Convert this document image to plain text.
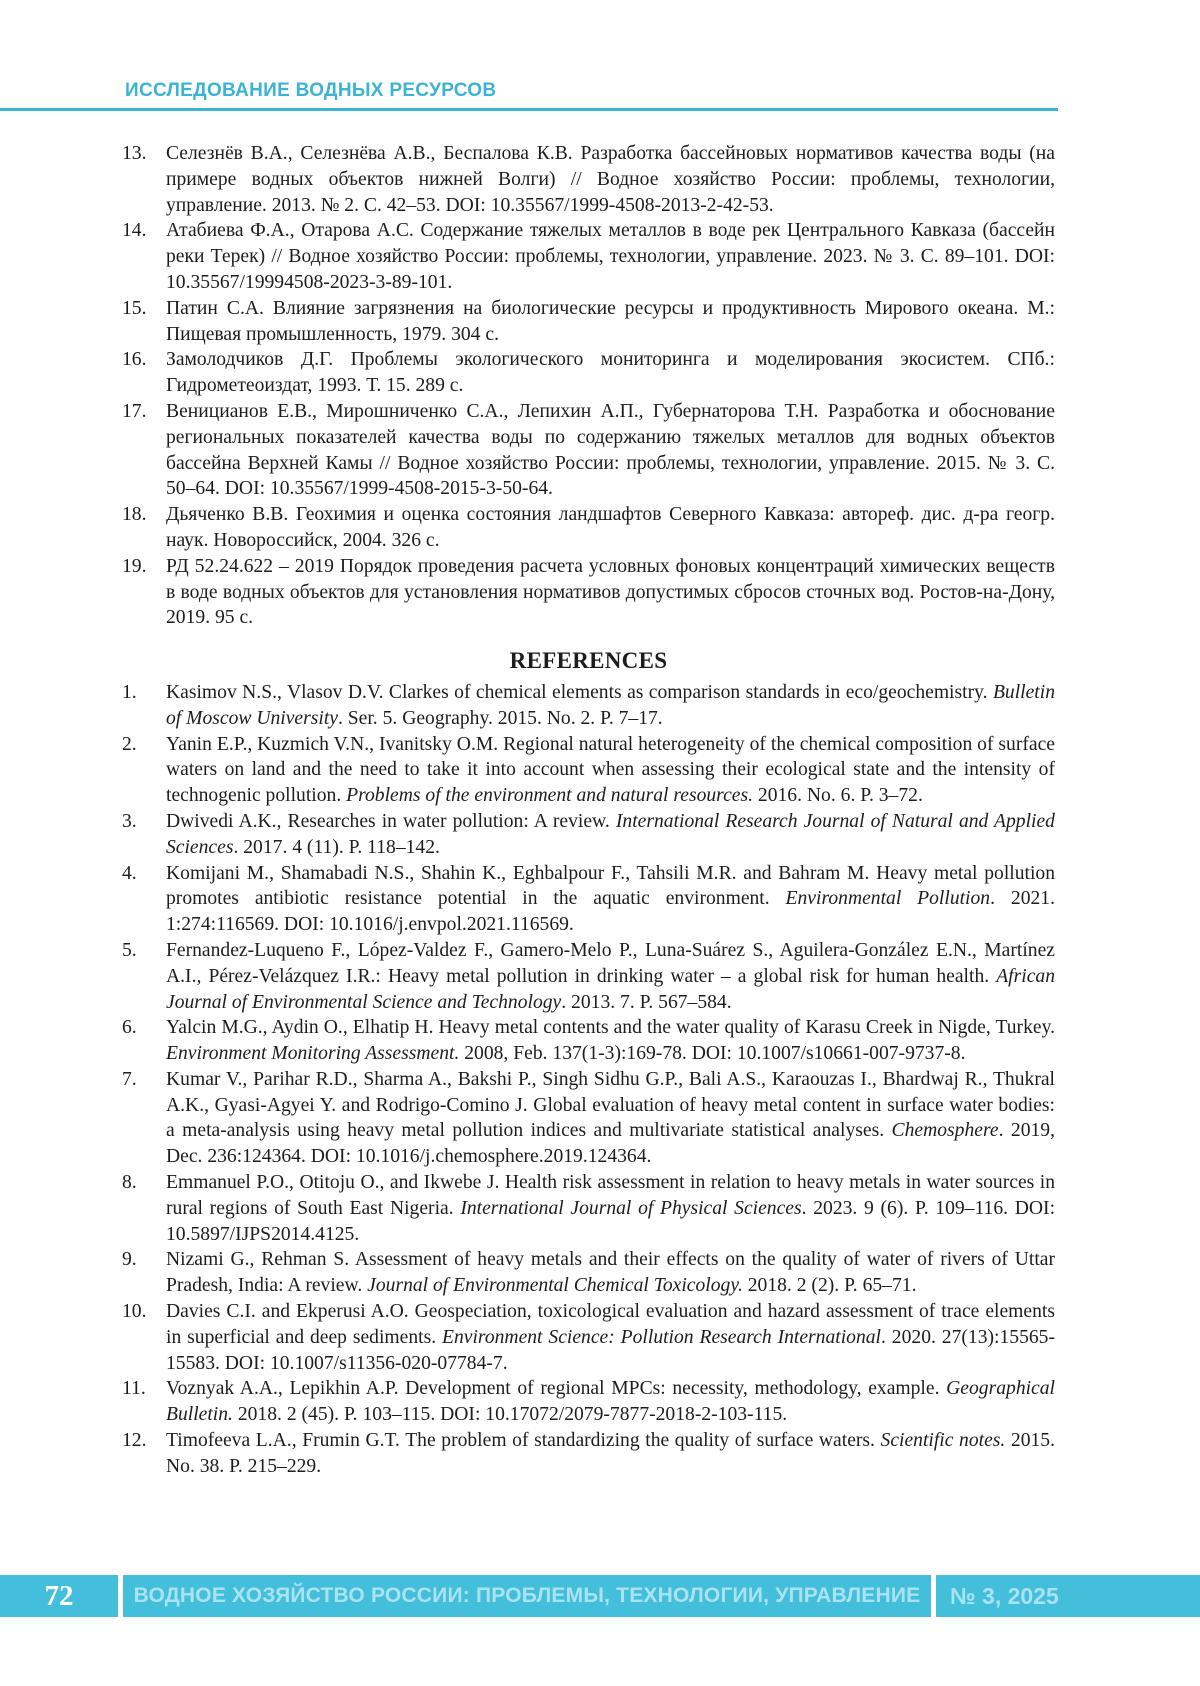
ИССЛЕДОВАНИЕ ВОДНЫХ РЕСУРСОВ
13. Селезнёв В.А., Селезнёва А.В., Беспалова К.В. Разработка бассейновых нормативов качества воды (на примере водных объектов нижней Волги) // Водное хозяйство России: проблемы, технологии, управление. 2013. № 2. С. 42–53. DOI: 10.35567/1999-4508-2013-2-42-53.
14. Атабиева Ф.А., Отарова А.С. Содержание тяжелых металлов в воде рек Центрального Кавказа (бассейн реки Терек) // Водное хозяйство России: проблемы, технологии, управление. 2023. № 3. С. 89–101. DOI: 10.35567/19994508-2023-3-89-101.
15. Патин С.А. Влияние загрязнения на биологические ресурсы и продуктивность Мирового океана. М.: Пищевая промышленность, 1979. 304 с.
16. Замолодчиков Д.Г. Проблемы экологического мониторинга и моделирования экосистем. СПб.: Гидрометеоиздат, 1993. Т. 15. 289 с.
17. Веницианов Е.В., Мирошниченко С.А., Лепихин А.П., Губернаторова Т.Н. Разработка и обоснование региональных показателей качества воды по содержанию тяжелых металлов для водных объектов бассейна Верхней Камы // Водное хозяйство России: проблемы, технологии, управление. 2015. № 3. С. 50–64. DOI: 10.35567/1999-4508-2015-3-50-64.
18. Дьяченко В.В. Геохимия и оценка состояния ландшафтов Северного Кавказа: автореф. дис. д-ра геогр. наук. Новороссийск, 2004. 326 с.
19. РД 52.24.622 – 2019 Порядок проведения расчета условных фоновых концентраций химических веществ в воде водных объектов для установления нормативов допустимых сбросов сточных вод. Ростов-на-Дону, 2019. 95 с.
REFERENCES
1.	Kasimov N.S., Vlasov D.V. Clarkes of chemical elements as comparison standards in eco/geochemistry. Bulletin of Moscow University. Ser. 5. Geography. 2015. No. 2. P. 7–17.
2.	Yanin E.P., Kuzmich V.N., Ivanitsky O.M. Regional natural heterogeneity of the chemical composition of surface waters on land and the need to take it into account when assessing their ecological state and the intensity of technogenic pollution. Problems of the environment and natural resources. 2016. No. 6. P. 3–72.
3.	Dwivedi A.K., Researches in water pollution: A review. International Research Journal of Natural and Applied Sciences. 2017. 4 (11). P. 118–142.
4.	Komijani M., Shamabadi N.S., Shahin K., Eghbalpour F., Tahsili M.R. and Bahram M. Heavy metal pollution promotes antibiotic resistance potential in the aquatic environment. Environmental Pollution. 2021. 1:274:116569. DOI: 10.1016/j.envpol.2021.116569.
5.	Fernandez-Luqueno F., López-Valdez F., Gamero-Melo P., Luna-Suárez S., Aguilera-González E.N., Martínez A.I., Pérez-Velázquez I.R.: Heavy metal pollution in drinking water – a global risk for human health. African Journal of Environmental Science and Technology. 2013. 7. P. 567–584.
6.	Yalcin M.G., Aydin O., Elhatip H. Heavy metal contents and the water quality of Karasu Creek in Nigde, Turkey. Environment Monitoring Assessment. 2008, Feb. 137(1-3):169-78. DOI: 10.1007/s10661-007-9737-8.
7.	Kumar V., Parihar R.D., Sharma A., Bakshi P., Singh Sidhu G.P., Bali A.S., Karaouzas I., Bhardwaj R., Thukral A.K., Gyasi-Agyei Y. and Rodrigo-Comino J. Global evaluation of heavy metal content in surface water bodies: a meta-analysis using heavy metal pollution indices and multivariate statistical analyses. Chemosphere. 2019, Dec. 236:124364. DOI: 10.1016/j.chemosphere.2019.124364.
8.	Emmanuel P.O., Otitoju O., and Ikwebe J. Health risk assessment in relation to heavy metals in water sources in rural regions of South East Nigeria. International Journal of Physical Sciences. 2023. 9 (6). P. 109–116. DOI: 10.5897/IJPS2014.4125.
9.	Nizami G., Rehman S. Assessment of heavy metals and their effects on the quality of water of rivers of Uttar Pradesh, India: A review. Journal of Environmental Chemical Toxicology. 2018. 2 (2). P. 65–71.
10. Davies C.I. and Ekperusi A.O. Geospeciation, toxicological evaluation and hazard assessment of trace elements in superficial and deep sediments. Environment Science: Pollution Research International. 2020. 27(13):15565-15583. DOI: 10.1007/s11356-020-07784-7.
11.	Voznyak A.A., Lepikhin A.P. Development of regional MPCs: necessity, methodology, example. Geographical Bulletin. 2018. 2 (45). P. 103–115. DOI: 10.17072/2079-7877-2018-2-103-115.
12. Timofeeva L.A., Frumin G.T. The problem of standardizing the quality of surface waters. Scientific notes. 2015. No. 38. P. 215–229.
72	ВОДНОЕ ХОЗЯЙСТВО РОССИИ: ПРОБЛЕМЫ, ТЕХНОЛОГИИ, УПРАВЛЕНИЕ	№ 3, 2025
